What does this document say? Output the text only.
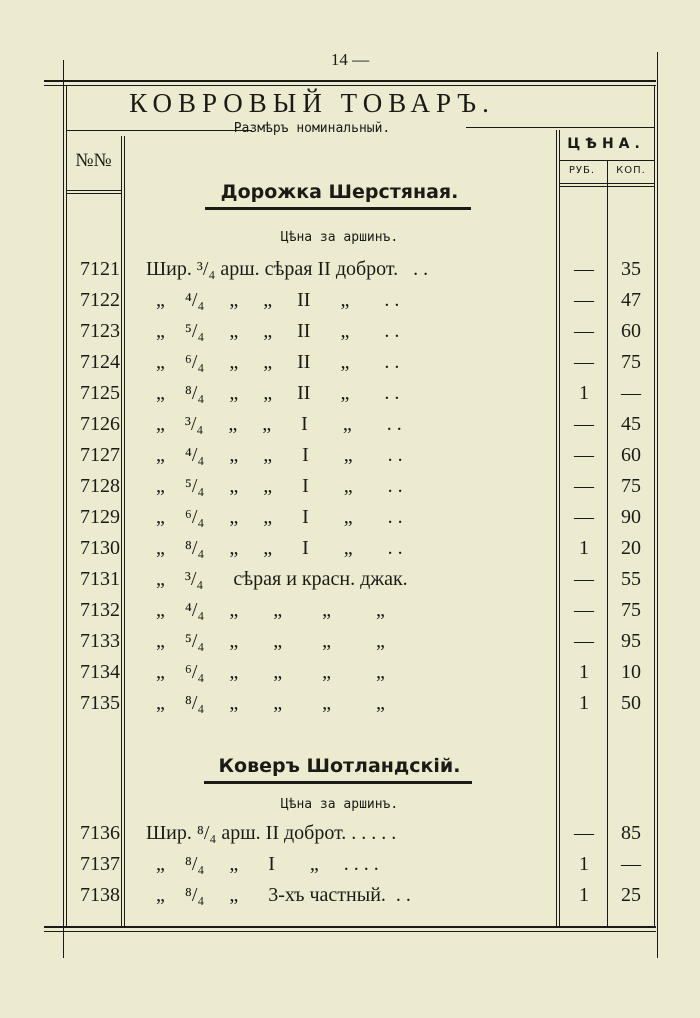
14 —
КОВРОВЫЙ ТОВАРЪ.
Размѣръ номинальный.
№№
ЦѢНА.
РУБ.	КОП.
Дорожка Шерстяная.
Цѣна за аршинъ.
7121 Шир. ³/₄ арш. сѣрая II доброт.   . .	—	35
7122 „    ⁴/₄     „     „     II      „       . .	—	47
7123 „    ⁵/₄     „     „     II      „       . .	—	60
7124 „    ⁶/₄     „     „     II      „       . .	—	75
7125 „    ⁸/₄     „     „     II      „       . .	1	—
7126 „    ³/₄     „     „      I       „       . .	—	45
7127 „    ⁴/₄     „     „      I       „       . .	—	60
7128 „    ⁵/₄     „     „      I       „       . .	—	75
7129 „    ⁶/₄     „     „      I       „       . .	—	90
7130 „    ⁸/₄     „     „      I       „       . .	1	20
7131 „    ³/₄      сѣрая и красн. джак.	—	55
7132 „    ⁴/₄     „       „        „         „	—	75
7133 „    ⁵/₄     „       „        „         „	—	95
7134 „    ⁶/₄     „       „        „         „	1	10
7135 „    ⁸/₄     „       „        „         „	1	50
Коверъ Шотландскій.
Цѣна за аршинъ.
7136 Шир. ⁸/₄ арш. II доброт. . . . . .	—	85
7137 „    ⁸/₄     „      I       „     . . . .	1	—
7138 „    ⁸/₄     „      3-хъ частный.  . .	1	25
